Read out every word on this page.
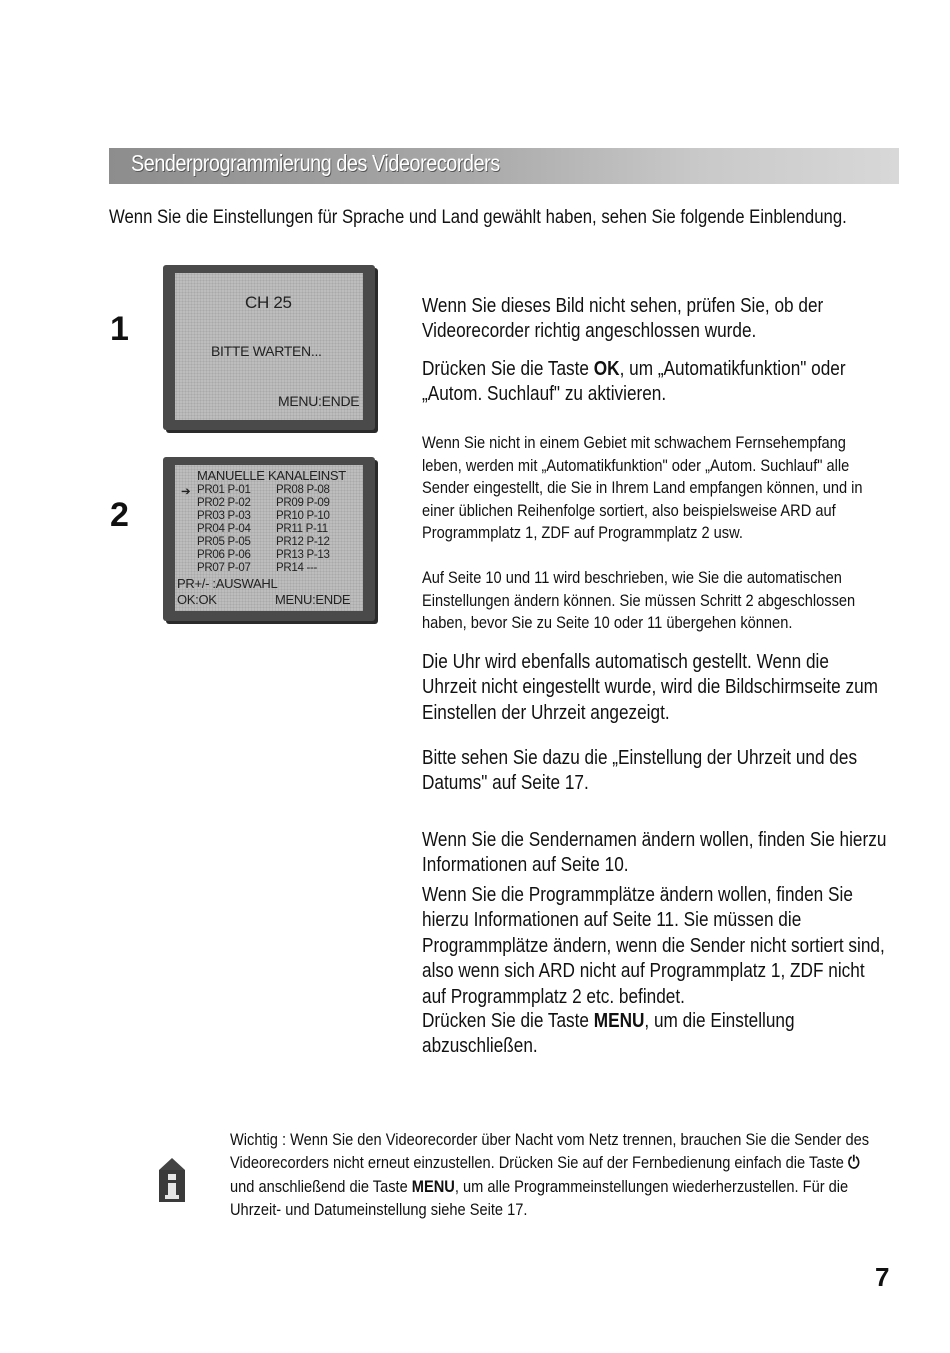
Senderprogrammierung des Videorecorders
Wenn Sie die Einstellungen für Sprache und Land gewählt haben, sehen Sie folgende Einblendung.
1
CH 25
BITTE WARTEN...
MENU:ENDE
2
MANUELLE KANALEINST
➔ PR01 P-01
PR02 P-02
PR03 P-03
PR04 P-04
PR05 P-05
PR06 P-06
PR07 P-07
PR08 P-08
PR09 P-09
PR10 P-10
PR11 P-11
PR12 P-12
PR13 P-13
PR14 ---
PR+/- :AUSWAHL
OK:OK	MENU:ENDE
Wenn Sie dieses Bild nicht sehen, prüfen Sie, ob der Videorecorder richtig angeschlossen wurde.
Drücken Sie die Taste OK, um „Automatikfunktion" oder „Autom. Suchlauf" zu aktivieren.
Wenn Sie nicht in einem Gebiet mit schwachem Fernsehempfang leben, werden mit „Automatikfunktion" oder „Autom. Suchlauf" alle Sender eingestellt, die Sie in Ihrem Land empfangen können, und in einer üblichen Reihenfolge sortiert, also beispielsweise ARD auf Programmplatz 1, ZDF auf Programmplatz 2 usw.
Auf Seite 10 und 11 wird beschrieben, wie Sie die automatischen Einstellungen ändern können. Sie müssen Schritt 2 abgeschlossen haben, bevor Sie zu Seite 10 oder 11 übergehen können.
Die Uhr wird ebenfalls automatisch gestellt. Wenn die Uhrzeit nicht eingestellt wurde, wird die Bildschirmseite zum Einstellen der Uhrzeit angezeigt.
Bitte sehen Sie dazu die „Einstellung der Uhrzeit und des Datums" auf Seite 17.
Wenn Sie die Sendernamen ändern wollen, finden Sie hierzu Informationen auf Seite 10.
Wenn Sie die Programmplätze ändern wollen, finden Sie hierzu Informationen auf Seite 11. Sie müssen die Programmplätze ändern, wenn die Sender nicht sortiert sind, also wenn sich ARD nicht auf Programmplatz 1, ZDF nicht auf Programmplatz 2 etc. befindet.
Drücken Sie die Taste MENU, um die Einstellung abzuschließen.
Wichtig : Wenn Sie den Videorecorder über Nacht vom Netz trennen, brauchen Sie die Sender des Videorecorders nicht erneut einzustellen. Drücken Sie auf der Fernbedienung einfach die Taste ⏻ und anschließend die Taste MENU, um alle Programmeinstellungen wiederherzustellen. Für die Uhrzeit- und Datumeinstellung siehe Seite 17.
7
